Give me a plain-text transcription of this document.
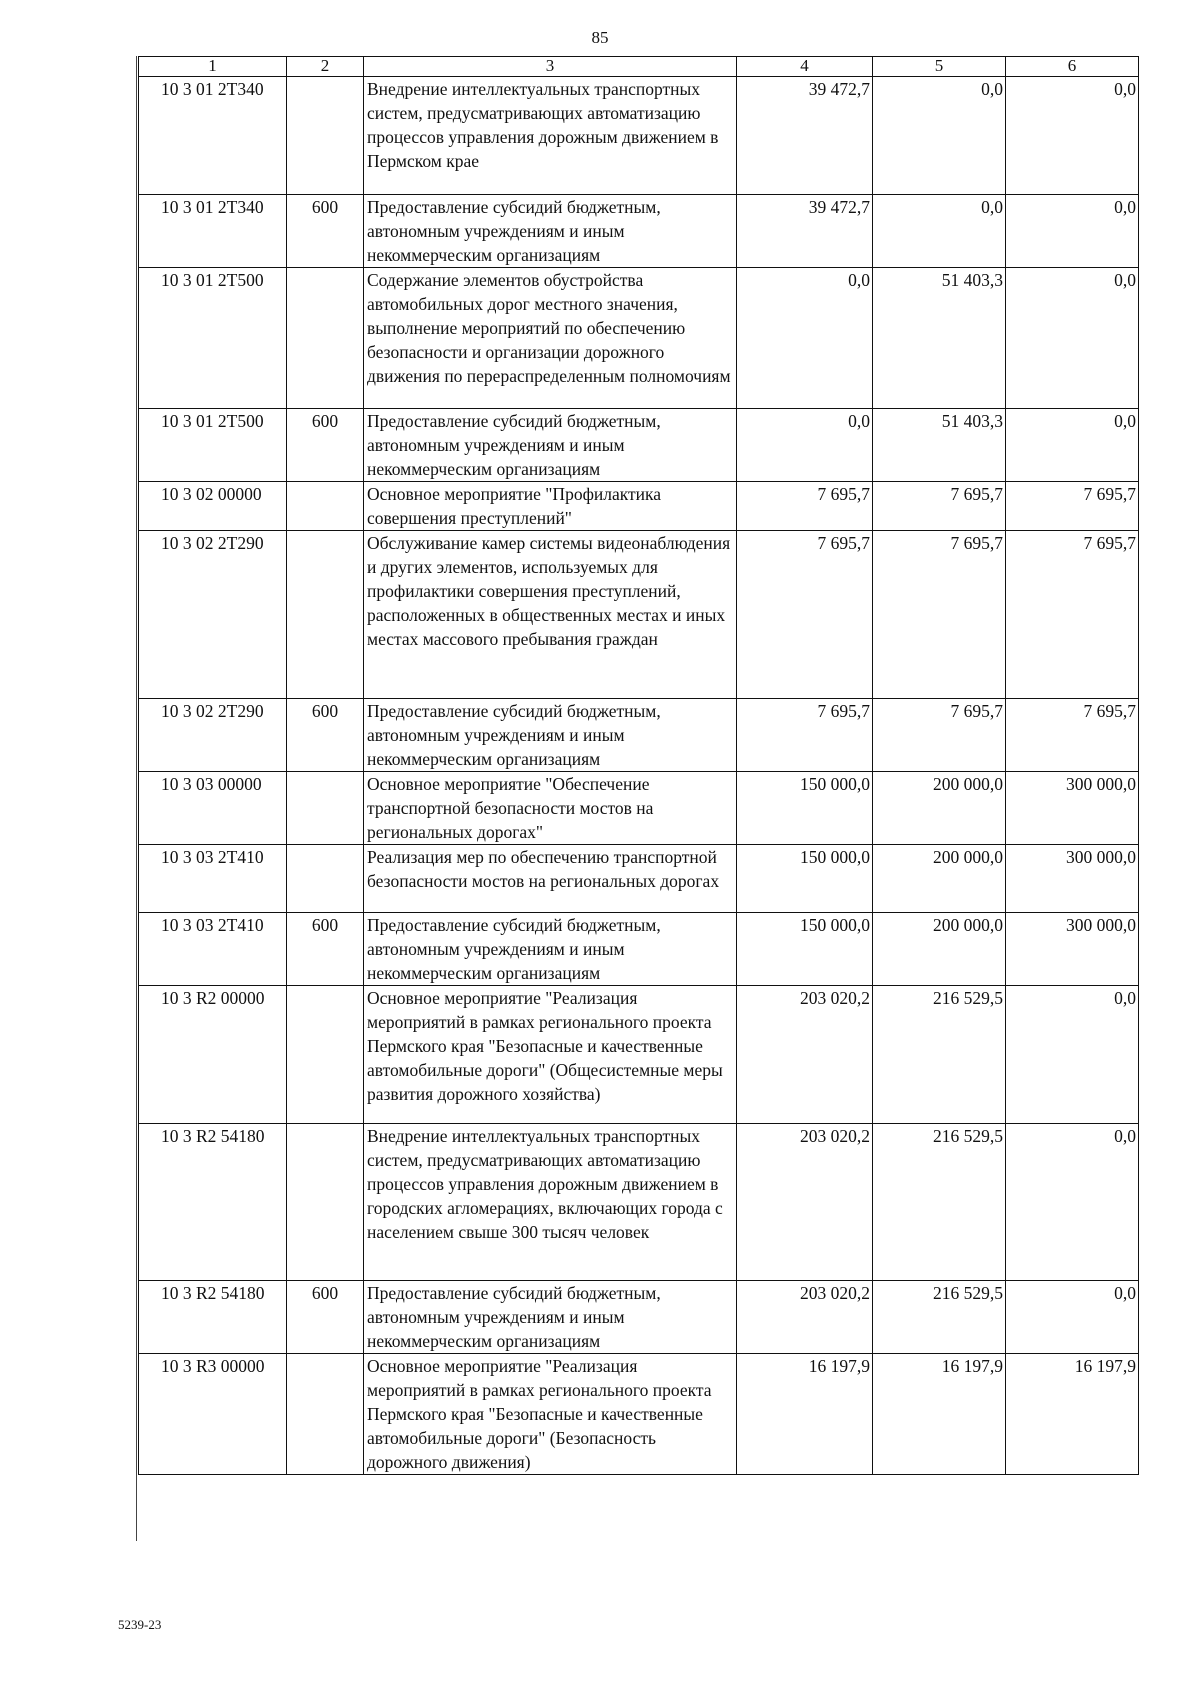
85
1	2	3	4	5	6
10 3 01 2Т340		Внедрение интеллектуальных транспортных систем, предусматривающих автоматизацию процессов управления дорожным движением в Пермском крае	39 472,7	0,0	0,0
10 3 01 2Т340	600	Предоставление субсидий бюджетным, автономным учреждениям и иным некоммерческим организациям	39 472,7	0,0	0,0
10 3 01 2Т500		Содержание элементов обустройства автомобильных дорог местного значения, выполнение мероприятий по обеспечению безопасности и организации дорожного движения по перераспределенным полномочиям	0,0	51 403,3	0,0
10 3 01 2Т500	600	Предоставление субсидий бюджетным, автономным учреждениям и иным некоммерческим организациям	0,0	51 403,3	0,0
10 3 02 00000		Основное мероприятие "Профилактика совершения преступлений"	7 695,7	7 695,7	7 695,7
10 3 02 2Т290		Обслуживание камер системы видеонаблюдения и других элементов, используемых для профилактики совершения преступлений, расположенных в общественных местах и иных местах массового пребывания граждан	7 695,7	7 695,7	7 695,7
10 3 02 2Т290	600	Предоставление субсидий бюджетным, автономным учреждениям и иным некоммерческим организациям	7 695,7	7 695,7	7 695,7
10 3 03 00000		Основное мероприятие "Обеспечение транспортной безопасности мостов на региональных дорогах"	150 000,0	200 000,0	300 000,0
10 3 03 2Т410		Реализация мер по обеспечению транспортной безопасности мостов на региональных дорогах	150 000,0	200 000,0	300 000,0
10 3 03 2Т410	600	Предоставление субсидий бюджетным, автономным учреждениям и иным некоммерческим организациям	150 000,0	200 000,0	300 000,0
10 3 R2 00000		Основное мероприятие "Реализация мероприятий в рамках регионального проекта Пермского края "Безопасные и качественные автомобильные дороги" (Общесистемные меры развития дорожного хозяйства)	203 020,2	216 529,5	0,0
10 3 R2 54180		Внедрение интеллектуальных транспортных систем, предусматривающих автоматизацию процессов управления дорожным движением в городских агломерациях, включающих города с населением свыше 300 тысяч человек	203 020,2	216 529,5	0,0
10 3 R2 54180	600	Предоставление субсидий бюджетным, автономным учреждениям и иным некоммерческим организациям	203 020,2	216 529,5	0,0
10 3 R3 00000		Основное мероприятие "Реализация мероприятий в рамках регионального проекта Пермского края "Безопасные и качественные автомобильные дороги" (Безопасность дорожного движения)	16 197,9	16 197,9	16 197,9
5239-23
